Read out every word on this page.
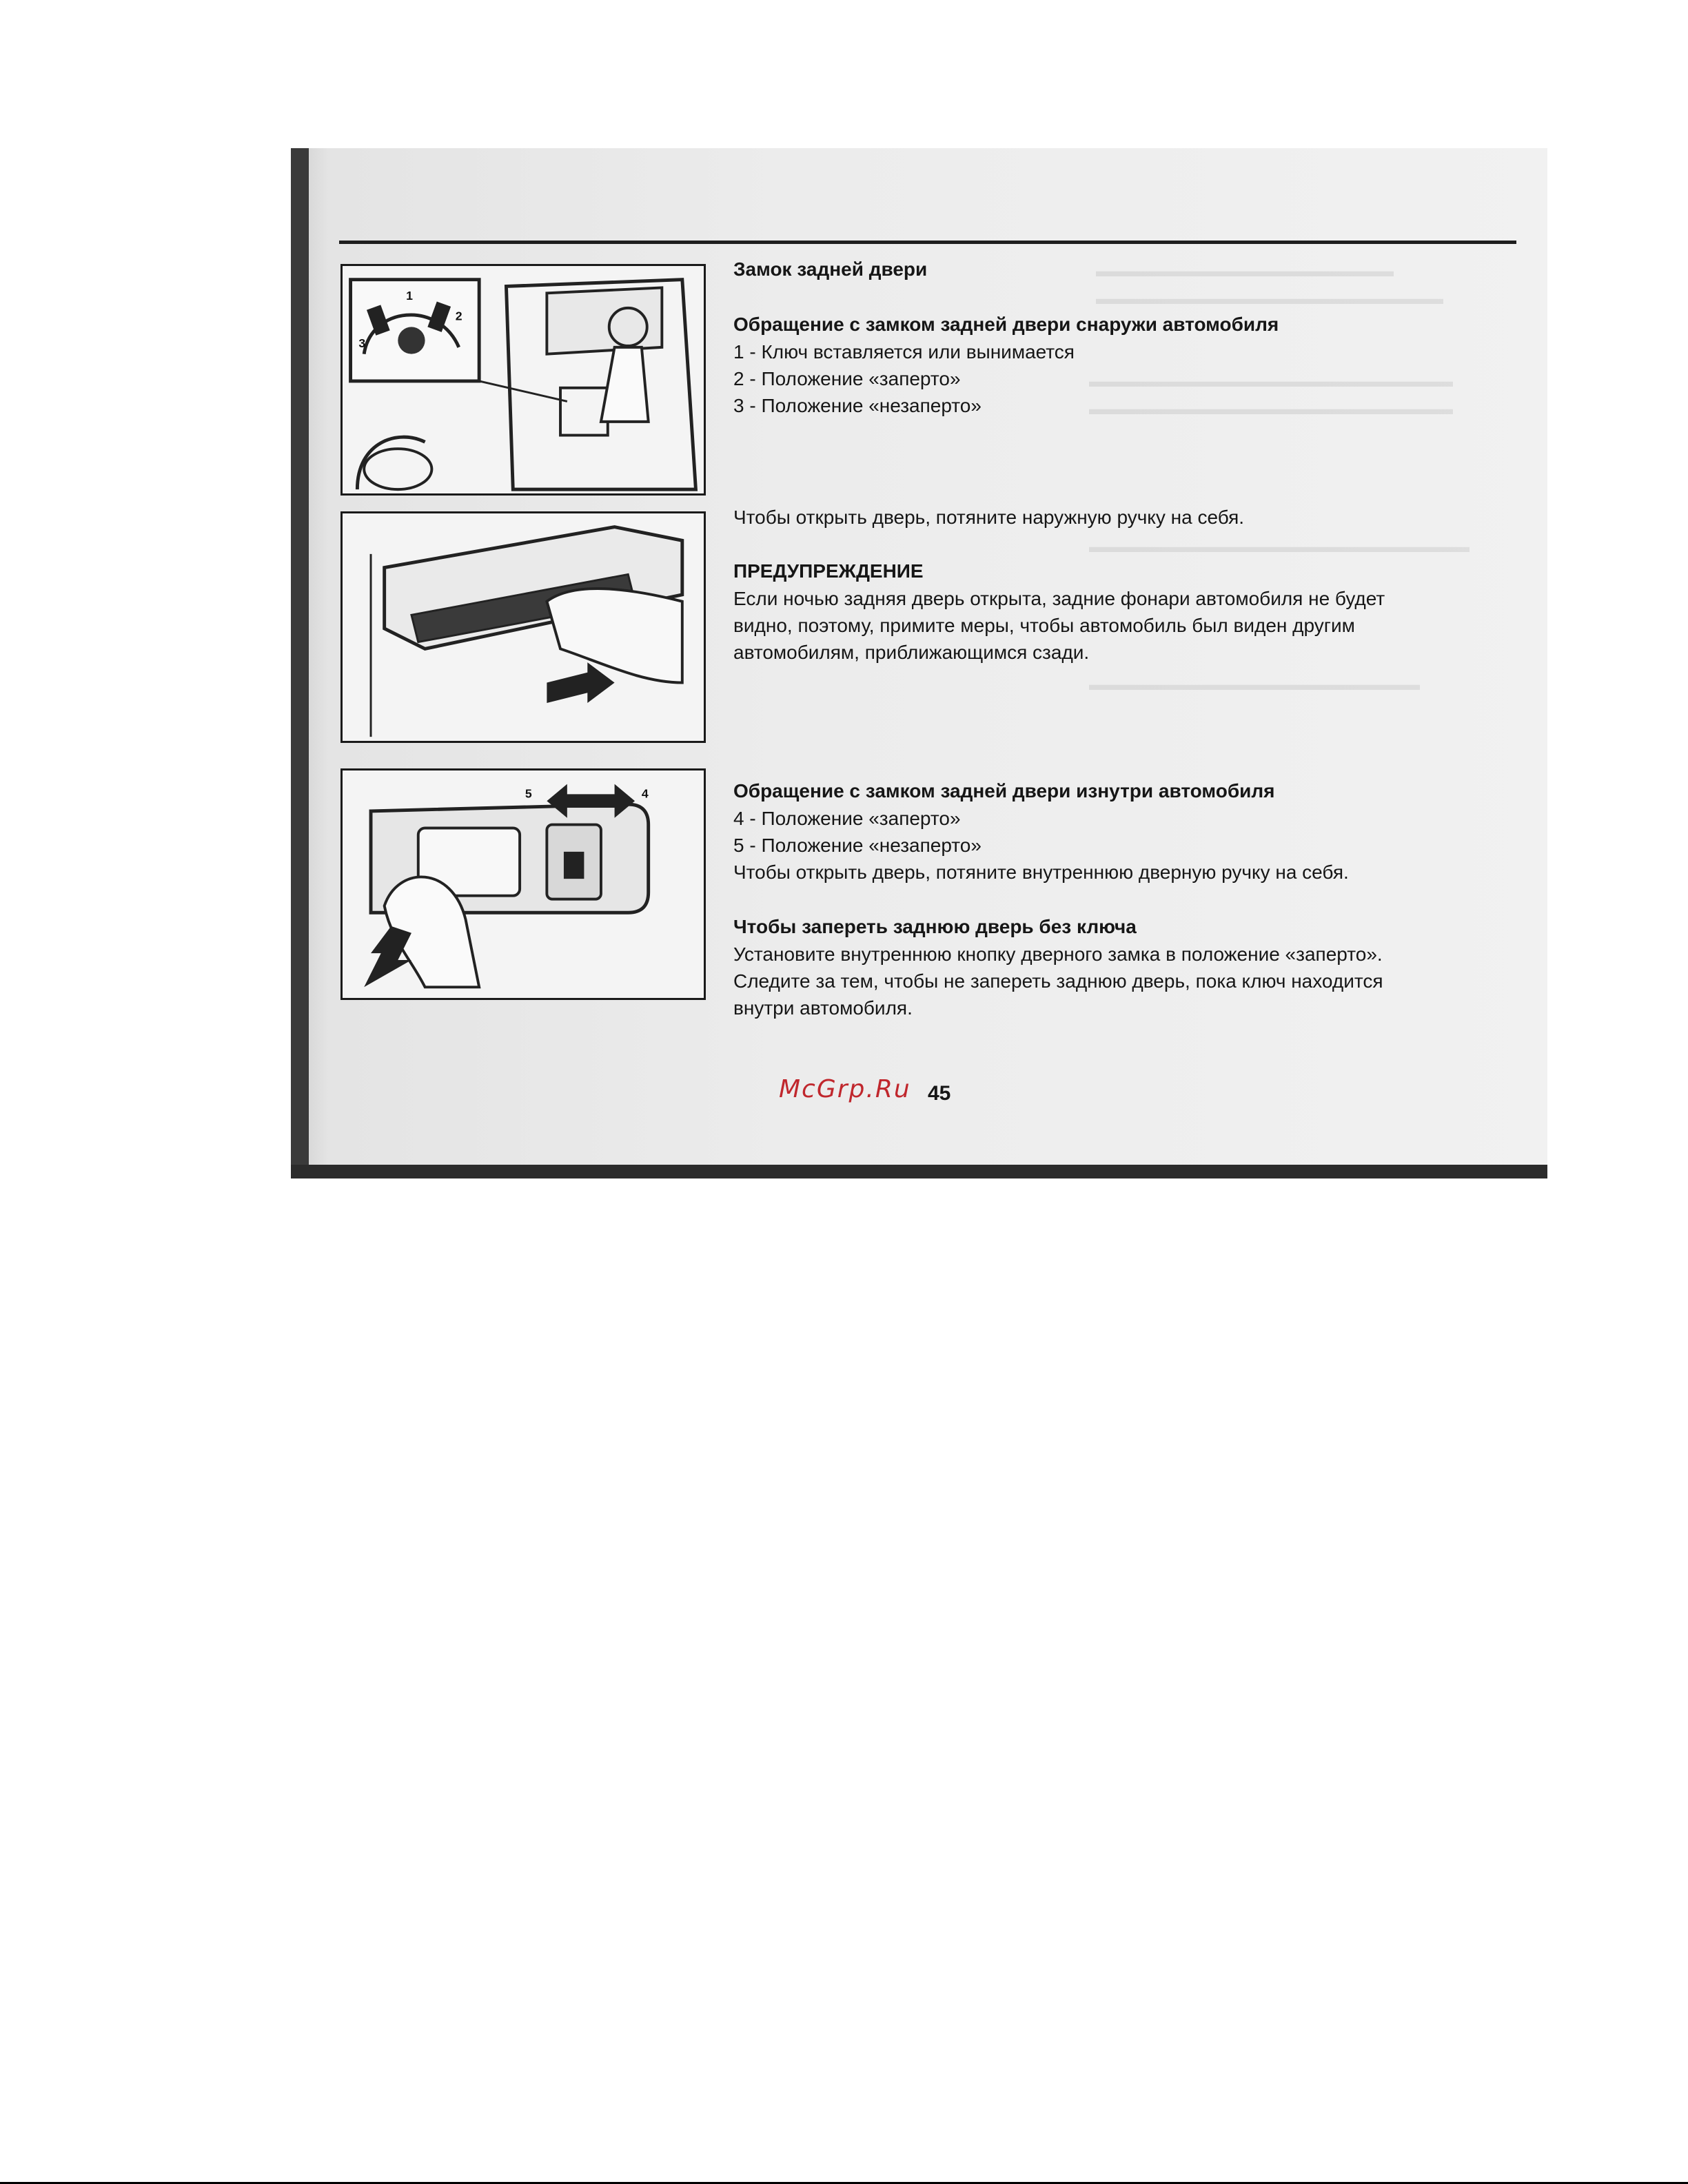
▬▬▬▬▬▬▬▬▬▬▬▬▬▬▬▬▬▬
▬▬▬▬▬▬▬▬▬▬▬▬▬▬▬▬▬▬▬▬▬
▬▬▬▬▬▬▬▬▬▬▬▬▬▬▬▬▬▬▬▬▬▬
▬▬▬▬▬▬▬▬▬▬▬▬▬▬▬▬▬▬▬▬▬▬
▬▬▬▬▬▬▬▬▬▬▬▬▬▬▬▬▬▬▬▬▬▬▬
▬▬▬▬▬▬▬▬▬▬▬▬▬▬▬▬▬▬▬▬
1
2
3
5	4

Замок задней двери

Обращение с замком задней двери снаружи автомобиля

1 - Ключ вставляется или вынимается

2 - Положение «заперто»

3 - Положение «незаперто»

Чтобы открыть дверь, потяните наружную ручку на себя.

ПРЕДУПРЕЖДЕНИЕ

Если ночью задняя дверь открыта, задние фонари автомобиля не будет

видно, поэтому, примите меры, чтобы автомобиль был виден другим

автомобилям, приближающимся сзади.

Обращение с замком задней двери изнутри автомобиля

4 - Положение «заперто»

5 - Положение «незаперто»

Чтобы открыть дверь, потяните внутреннюю дверную ручку на себя.

Чтобы запереть заднюю дверь без ключа

Установите внутреннюю кнопку дверного замка в положение «заперто».

Следите за тем, чтобы не запереть заднюю дверь, пока ключ находится

внутри автомобиля.

McGrp.Ru 45
